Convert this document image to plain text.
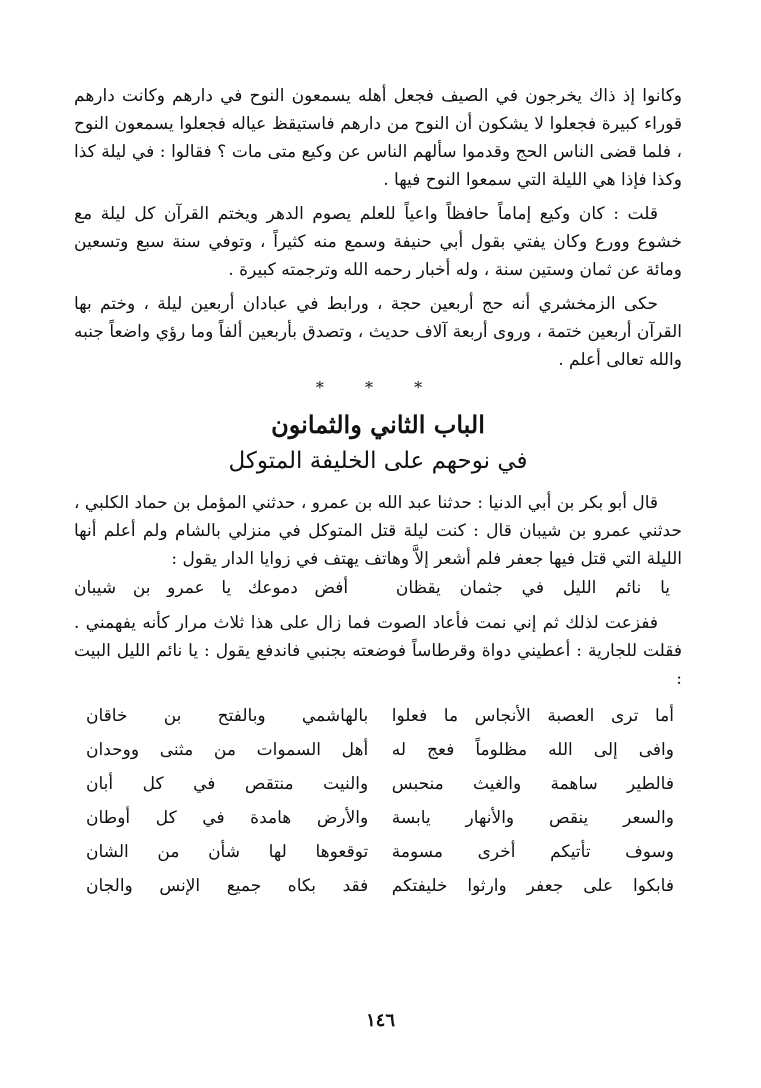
وكانوا إذ ذاك يخرجون في الصيف فجعل أهله يسمعون النوح في دارهم وكانت دارهم قوراء كبيرة فجعلوا لا يشكون أن النوح من دارهم فاستيقظ عياله فجعلوا يسمعون النوح ، فلما قضى الناس الحج وقدموا سألهم الناس عن وكيع متى مات ؟ فقالوا : في ليلة كذا وكذا فإذا هي الليلة التي سمعوا النوح فيها .

قلت : كان وكيع إماماً حافظاً واعياً للعلم يصوم الدهر ويختم القرآن كل ليلة مع خشوع وورع وكان يفتي بقول أبي حنيفة وسمع منه كثيراً ، وتوفي سنة سبع وتسعين ومائة عن ثمان وستين سنة ، وله أخبار رحمه الله وترجمته كبيرة .

حكى الزمخشري أنه حج أربعين حجة ، ورابط في عبادان أربعين ليلة ، وختم بها القرآن أربعين ختمة ، وروى أربعة آلاف حديث ، وتصدق بأربعين ألفاً وما رؤي واضعاً جنبه والله تعالى أعلم .

* * *
الباب الثاني والثمانون
في نوحهم على الخليفة المتوكل

قال أبو بكر بن أبي الدنيا : حدثنا عبد الله بن عمرو ، حدثني المؤمل بن حماد الكلبي ، حدثني عمرو بن شيبان قال : كنت ليلة قتل المتوكل في منزلي بالشام ولم أعلم أنها الليلة التي قتل فيها جعفر فلم أشعر إلاَّ وهاتف يهتف في زوايا الدار يقول :

يا نائم الليل في جثمان يقظان
أفض دموعك يا عمرو بن شيبان

ففزعت لذلك ثم إني نمت فأعاد الصوت فما زال على هذا ثلاث مرار كأنه يفهمني . فقلت للجارية : أعطيني دواة وقرطاساً فوضعته بجنبي فاندفع يقول : يا نائم الليل البيت :

أما ترى العصبة الأنجاس ما فعلوا
بالهاشمي وبالفتح بن خاقان
وافى إلى الله مظلوماً فعج له
أهل السموات من مثنى ووحدان
فالطير ساهمة والغيث منحبس
والنيت منتقص في كل أبان
والسعر ينقص والأنهار يابسة
والأرض هامدة في كل أوطان
وسوف تأتيكم أخرى مسومة
توقعوها لها شأن من الشان
فابكوا على جعفر وارثوا خليفتكم
فقد بكاه جميع الإنس والجان
١٤٦
